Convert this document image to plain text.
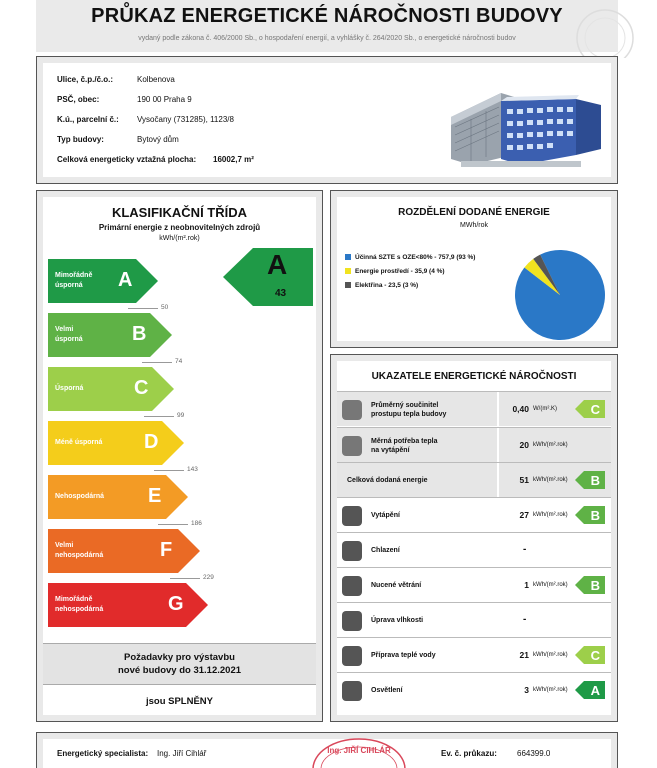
PRŮKAZ ENERGETICKÉ NÁROČNOSTI BUDOVY
vydaný podle zákona č. 406/2000 Sb., o hospodaření energií, a vyhlášky č. 264/2020 Sb., o energetické náročnosti budov
Ulice, č.p./č.o.:	Kolbenova
PSČ, obec:	190 00 Praha 9
K.ú., parcelní č.:	Vysočany (731285), 1123/8
Typ budovy:	Bytový dům
Celková energeticky vztažná plocha:	16002,7 m²
KLASIFIKAČNÍ TŘÍDA
Primární energie z neobnovitelných zdrojů
kWh/(m².rok)
Mimořádně
úsporná	A
50
Velmi
úsporná B
74
Úsporná	C
99
Méně úsporná D
143
Nehospodárná E
186
Velmi
nehospodárná	F
229
Mimořádně
nehospodárná	G
A
43
Požadavky pro výstavbu
nové budovy do 31.12.2021
jsou SPLNĚNY
ROZDĚLENÍ DODANÉ ENERGIE
MWh/rok
Účinná SZTE s OZE<80% - 757,9 (93 %)
Energie prostředí - 35,9 (4 %)
Elektřina - 23,5 (3 %)
UKAZATELE ENERGETICKÉ NÁROČNOSTI
Průměrný součinitel
prostupu tepla budovy
0,40 W/(m².K)	C
Měrná potřeba tepla
na vytápění
20 kWh/(m².rok)
Celková dodaná energie	51 kWh/(m².rok) B
Vytápění	27 kWh/(m².rok) B
Chlazení	-
Nucené větrání	1 kWh/(m².rok) B
Úprava vlhkosti	-
Příprava teplé vody	21 kWh/(m².rok) C
Osvětlení	3 kWh/(m².rok) A
Energetický specialista: Ing. Jiří Cihlář	Ing. JIŘÍ CIHLÁŘ	Ev. č. průkazu:	664399.0
